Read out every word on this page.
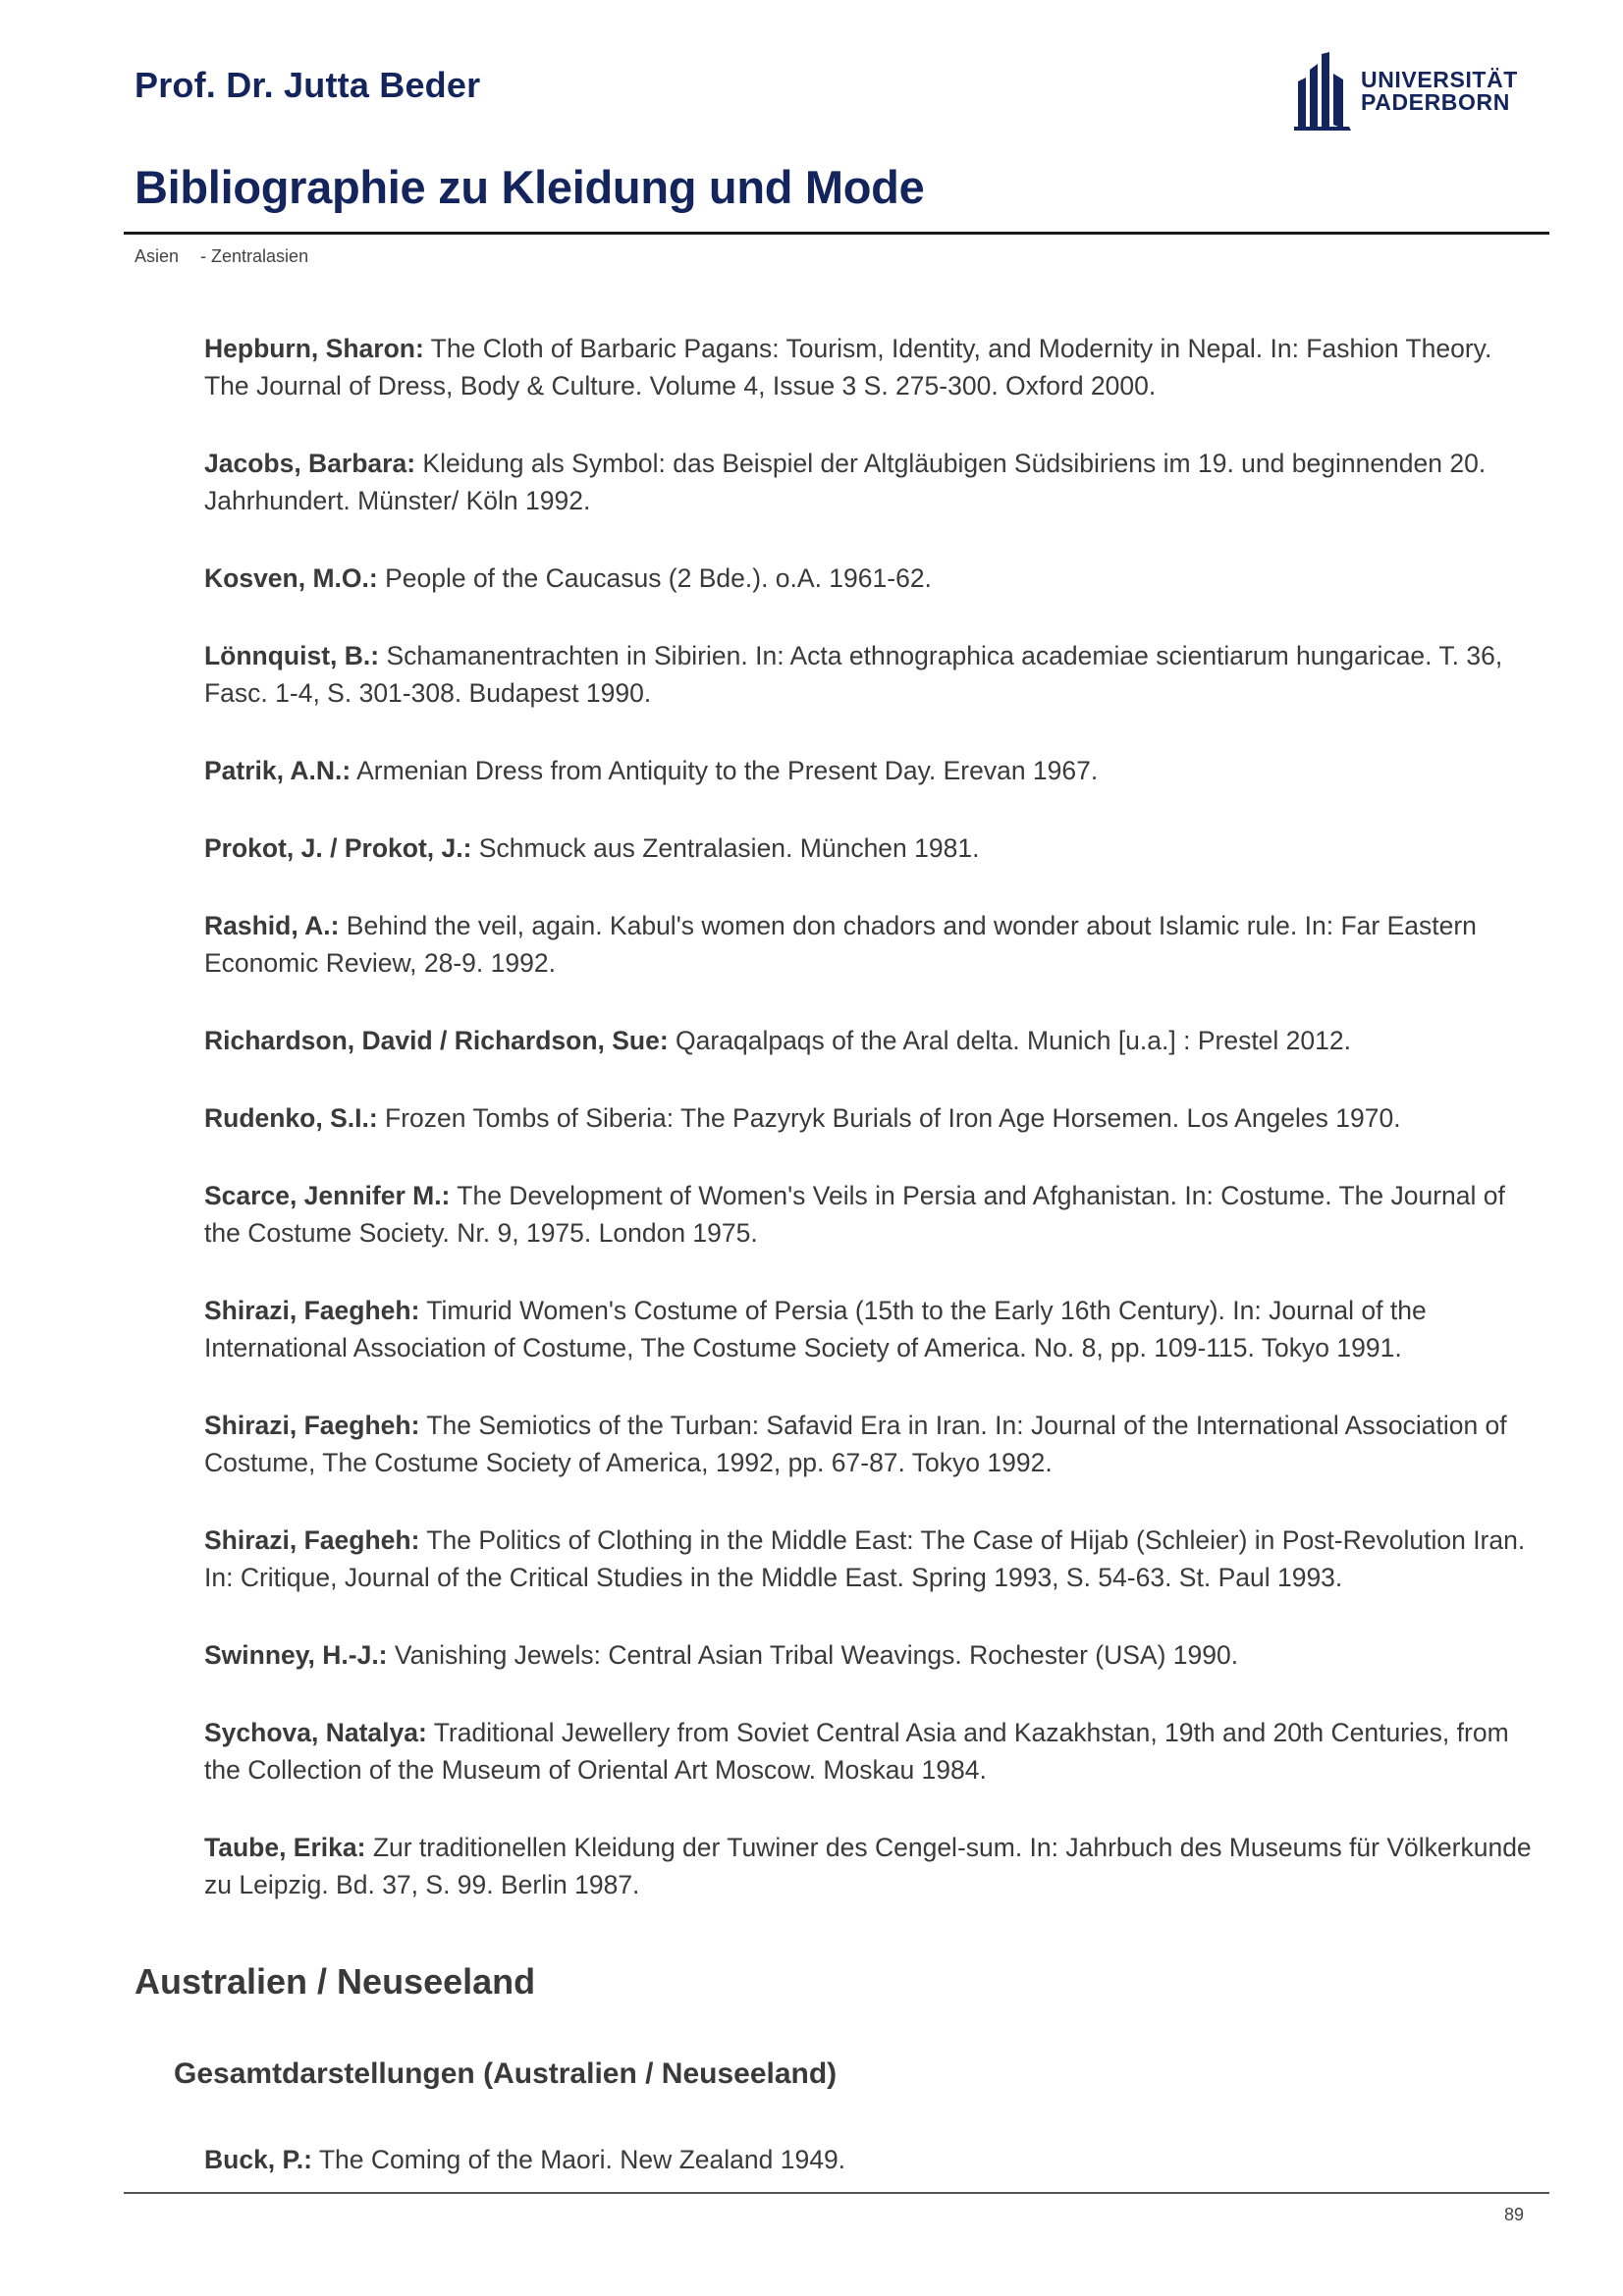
Prof. Dr. Jutta Beder	UNIVERSITÄT
PADERBORN
Bibliographie zu Kleidung und Mode
Asien - Zentralasien
Hepburn, Sharon: The Cloth of Barbaric Pagans: Tourism, Identity, and Modernity in Nepal. In: Fashion Theory. The Journal of Dress, Body & Culture. Volume 4, Issue 3 S. 275-300. Oxford 2000.
Jacobs, Barbara: Kleidung als Symbol: das Beispiel der Altgläubigen Südsibiriens im 19. und beginnenden 20. Jahrhundert. Münster/ Köln 1992.
Kosven, M.O.: People of the Caucasus (2 Bde.). o.A. 1961-62.
Lönnquist, B.: Schamanentrachten in Sibirien. In: Acta ethnographica academiae scientiarum hungaricae. T. 36, Fasc. 1-4, S. 301-308. Budapest 1990.
Patrik, A.N.: Armenian Dress from Antiquity to the Present Day. Erevan 1967.
Prokot, J. / Prokot, J.: Schmuck aus Zentralasien. München 1981.
Rashid, A.: Behind the veil, again. Kabul's women don chadors and wonder about Islamic rule. In: Far Eastern Economic Review, 28-9. 1992.
Richardson, David / Richardson, Sue: Qaraqalpaqs of the Aral delta. Munich [u.a.] : Prestel 2012.
Rudenko, S.I.: Frozen Tombs of Siberia: The Pazyryk Burials of Iron Age Horsemen. Los Angeles 1970.
Scarce, Jennifer M.: The Development of Women's Veils in Persia and Afghanistan. In: Costume. The Journal of the Costume Society. Nr. 9, 1975. London 1975.
Shirazi, Faegheh: Timurid Women's Costume of Persia (15th to the Early 16th Century). In: Journal of the International Association of Costume, The Costume Society of America. No. 8, pp. 109-115. Tokyo 1991.
Shirazi, Faegheh: The Semiotics of the Turban: Safavid Era in Iran. In: Journal of the International Association of Costume, The Costume Society of America, 1992, pp. 67-87. Tokyo 1992.
Shirazi, Faegheh: The Politics of Clothing in the Middle East: The Case of Hijab (Schleier) in Post-Revolution Iran. In: Critique, Journal of the Critical Studies in the Middle East. Spring 1993, S. 54-63. St. Paul 1993.
Swinney, H.-J.: Vanishing Jewels: Central Asian Tribal Weavings. Rochester (USA) 1990.
Sychova, Natalya: Traditional Jewellery from Soviet Central Asia and Kazakhstan, 19th and 20th Centuries, from the Collection of the Museum of Oriental Art Moscow. Moskau 1984.
Taube, Erika: Zur traditionellen Kleidung der Tuwiner des Cengel-sum. In: Jahrbuch des Museums für Völkerkunde zu Leipzig. Bd. 37, S. 99. Berlin 1987.
Australien / Neuseeland
Gesamtdarstellungen (Australien / Neuseeland)
Buck, P.: The Coming of the Maori. New Zealand 1949.
89
